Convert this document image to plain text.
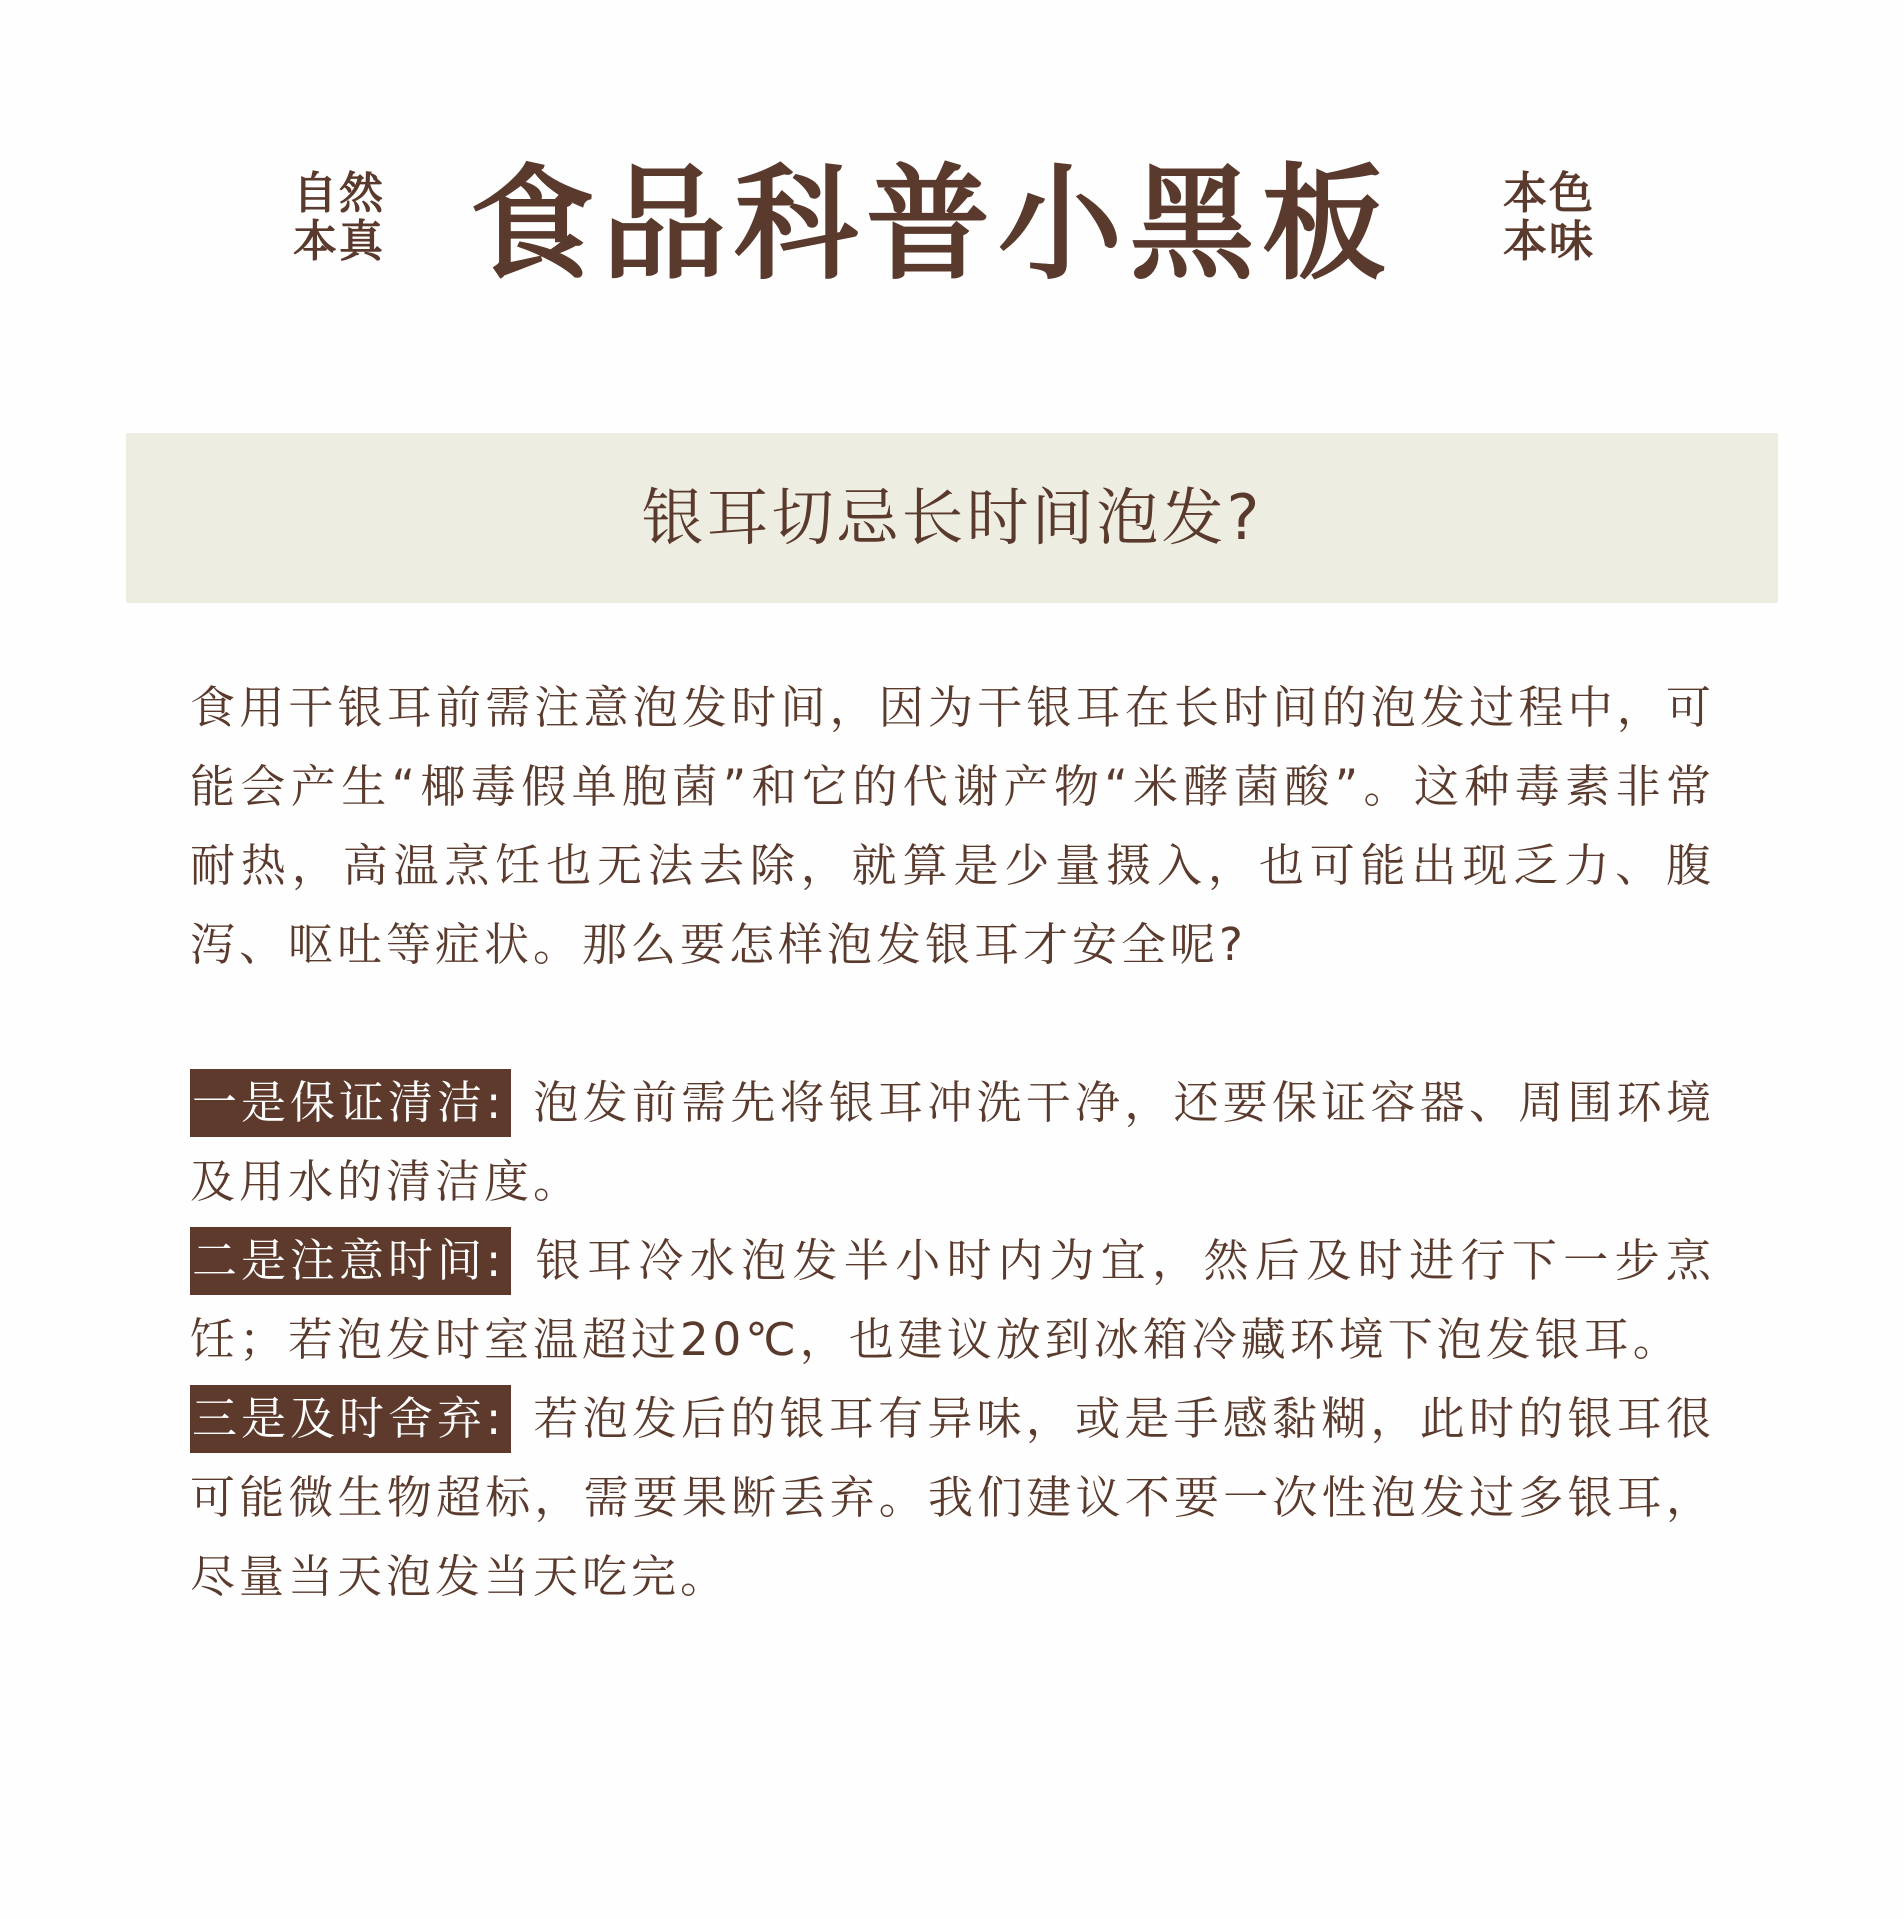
自然
本真 食品科普小黑板	本色
本味
银耳切忌长时间泡发?

食用干银耳前需注意泡发时间，因为干银耳在长时间的泡发过程中，可能会产生“椰毒假单胞菌”和它的代谢产物“米酵菌酸”。这种毒素非常耐热，高温烹饪也无法去除，就算是少量摄入，也可能出现乏力、腹泻、呕吐等症状。那么要怎样泡发银耳才安全呢?

一是保证清洁: 泡发前需先将银耳冲洗干净，还要保证容器、周围环境及用水的清洁度。

二是注意时间: 银耳冷水泡发半小时内为宜，然后及时进行下一步烹饪；若泡发时室温超过20℃，也建议放到冰箱冷藏环境下泡发银耳。

三是及时舍弃: 若泡发后的银耳有异味，或是手感黏糊，此时的银耳很可能微生物超标，需要果断丢弃。我们建议不要一次性泡发过多银耳，尽量当天泡发当天吃完。
